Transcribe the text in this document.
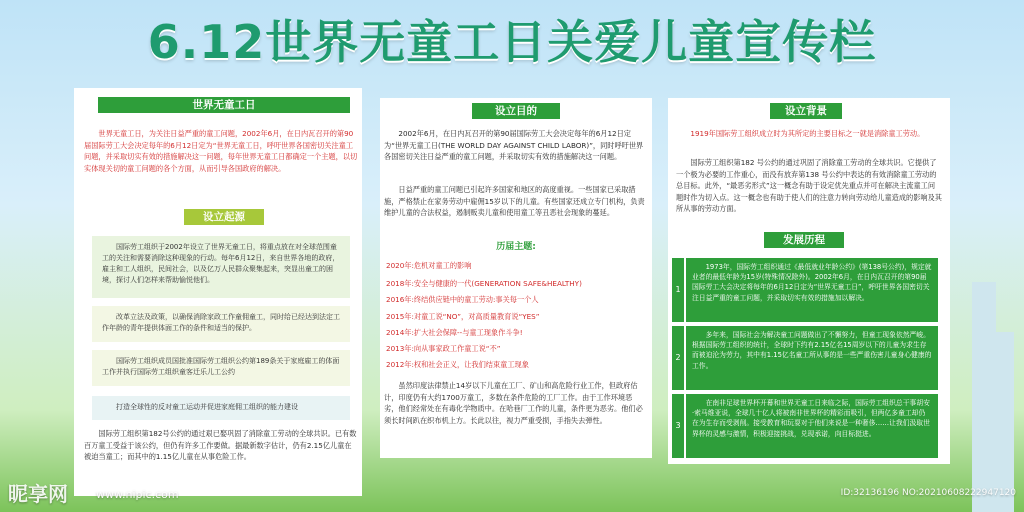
6.12世界无童工日关爱儿童宣传栏
世界无童工日
世界无童工日，为关注日益严重的童工问题，2002年6月，在日内瓦召开的第90届国际劳工大会决定每年的6月12日定为“世界无童工日，呼吁世界各国密切关注童工问题，并采取切实有效的措施解决这一问题，每年世界无童工日都确定一个主题，以切实体现关切的童工问题的各个方面，从而引导各国政府的解决。
设立起源
国际劳工组织于2002年设立了世界无童工日，将重点放在对全球范围童工的关注和需要消除这种现象的行动。每年6月12日，来自世界各地的政府，雇主和工人组织，民间社会，以及亿万人民群众聚集起来，突显出童工的困境，探讨人们怎样来帮助愉悦他们。
改革立法及政策，以确保消除家政工作童佣童工，同时给已经达到法定工作年龄的青年提供体面工作的条件和适当的保护。
国际劳工组织成员国批准国际劳工组织公约第189条关于家庭雇工的体面工作并执行国际劳工组织童客迁乐儿工公约
打造全球性的反对童工运动并促进家庭佣工组织的能力建设
国际劳工组织第182号公约的通过艰已娶巩固了消除童工劳动的全球共识。已有数百万童工受益于该公约，但仍有许多工作要做。据最新数字估计，仍有2.15亿儿童在被迫当童工；而其中的1.15亿儿童在从事危险工作。
设立目的
2002年6月，在日内瓦召开的第90届国际劳工大会决定每年的6月12日定为“世界无童工日(THE WORLD DAY AGAINST CHILD LABOR)”，同时呼吁世界各国密切关注日益严重的童工问题，并采取切实有效的措施解决这一问题。
日益严重的童工问题已引起许多国家和地区的高度重视。一些国家已采取措施，严格禁止在家务劳动中雇佣15岁以下的儿童。有些国家还成立专门机构，负责维护儿童的合法权益，遏制贩卖儿童和使用童工等丑恶社会现象的蔓延。
历届主题:
2020年:危机对童工的影响
2018年:安全与健康的一代(GENERATION SAFE&HEALTHY)
2016年:终结供应链中的童工劳动:事关每一个人
2015年:对童工说“NO”，对高质量教育说“YES”
2014年:扩大社会保障--与童工现象作斗争!
2013年:向从事家政工作童工说“不”
2012年:权和社会正义，让我们结束童工现象
虽然印度法律禁止14岁以下儿童在工厂、矿山和高危险行业工作，但政府估计，印度仍有大约1700万童工，多数在条件危险的工厂工作。由于工作环境恶劣，他们经常处在有毒化学物质中。在哈巷厂工作的儿童，条件更为恶劣。他们必须长时间趴在织布机上方。长此以往，视力严重受损，手指失去弹性。
设立背景
1919年国际劳工组织成立时为其所定的主要目标之一就是消除童工劳动。
国际劳工组织第182 号公约的通过巩固了消除童工劳动的全球共识。它提供了一个极为必要的工作重心，而没有放弃第138 号公约中表达的有效消除童工劳动的总目标。此外，“最恶劣形式”这一概念有助于设定优先重点并可在解决主流童工问题时作为切入点。这一概念也有助于使人们的注意力转向劳动给儿童造成的影响及其所从事的劳动方面。
发展历程
1
1973年，国际劳工组织通过《最低就业年龄公约》(第138号公约)，规定就业者的最低年龄为15岁(特殊情况除外)。2002年6月，在日内瓦召开的第90届国际劳工大会决定将每年的6月12日定为“世界无童工日”，呼吁世界各国密切关注日益严重的童工问题，并采取切实有效的措施加以解决。
2
多年来，国际社会为解决童工问题做出了不懈努力，但童工现象依然严峻。根据国际劳工组织的统计，全球时下约有2.15亿名15周岁以下的儿童为求生存而被迫沦为劳力，其中有1.15亿名童工所从事的是一些严重伤害儿童身心健康的工作。
3
在南非足球世界杯开幕和世界无童工日来临之际，国际劳工组织总干事胡安·索马维亚说，全球几十亿人将被南非世界杯的精彩而吸引，但两亿多童工却仍在为生存而受剥削。接受教育和玩耍对于他们来说是一种奢侈……让我们汲取世界杯的灵感与激情，积极迎接挑战，兑现承诺，向目标挺进。
昵享网	www.nipic.com	ID:32136196 NO:20210608222947120
